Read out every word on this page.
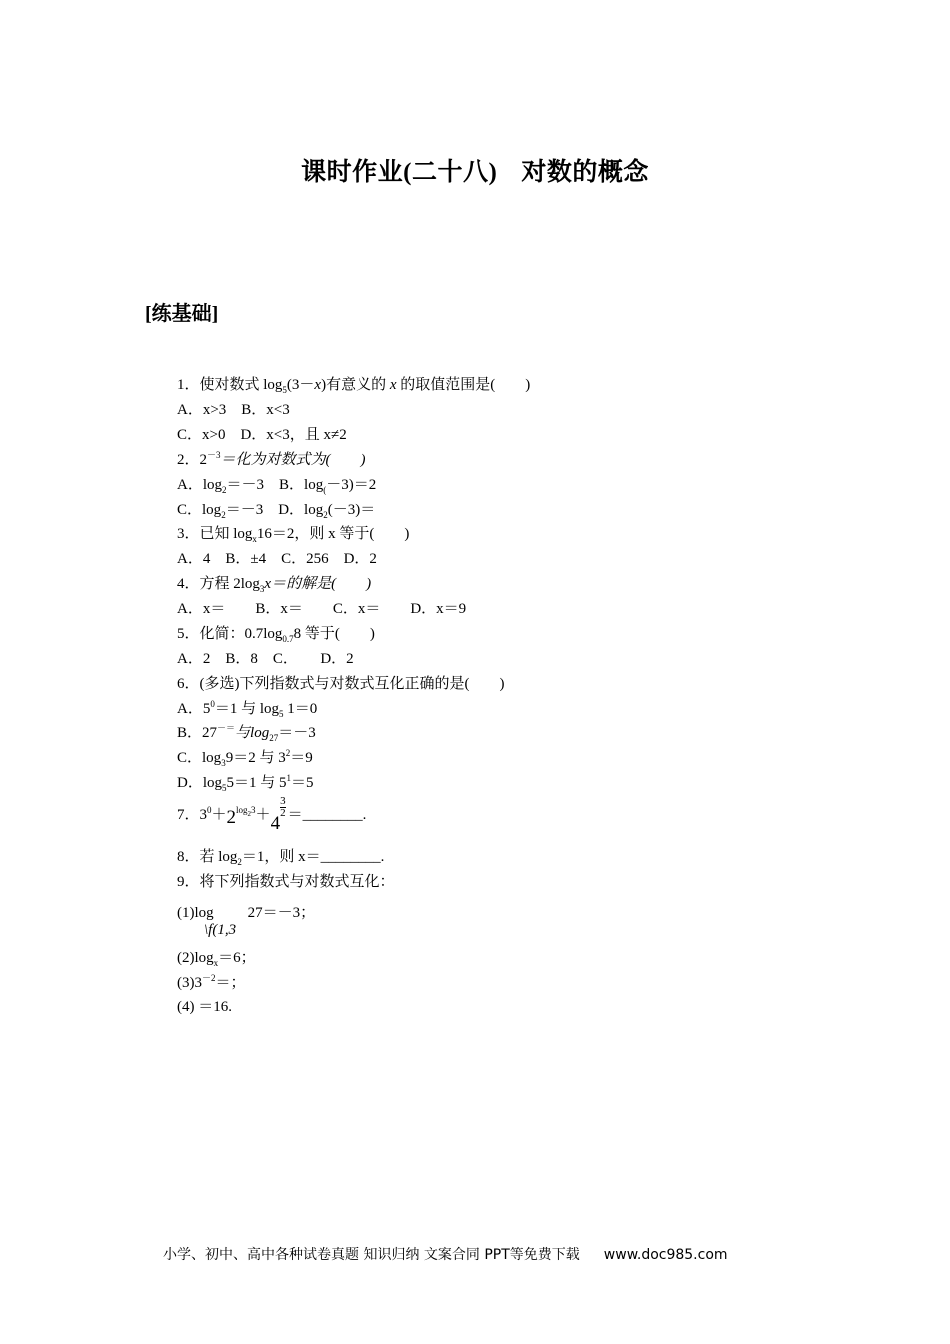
课时作业(二十八) 对数的概念
[练基础]
1．使对数式 $\log_5(3-x)$有意义的 x 的取值范围是(　　)
A．x>3　B．x<3
C．x>0　D．x<3，且 x≠2
2．$2^{-3}=$化为对数式为(　　)
A．$\log_2=-3$　B．$\log_(-3)=2$
C．$\log_2=-3$　D．$\log_2(-3)=$
3．已知 $\log_x16=2$，则 x 等于(　　)
A．4　B．±4　C．256　D．2
4．方程 $2\log_3x=$的解是(　　)
A．x＝　　B．x＝　　C．x＝　　D．x＝9
5．化简：$0.7\log_{0.7}8$ 等于(　　)
A．2　B．8　C．　　D．2
6．(多选)下列指数式与对数式互化正确的是(　　)
A．$5^0=1$ 与 $\log_5 1=0$
B．27－＝与$\log_{27}=-3$
C．$\log_39=2$ 与 $3^2=9$
D．$\log_55=1$ 与 $5^1=5$
7．$3^0+2^{log_23}+4$
$\frac{3}{2}$ ＝________.
8．若 $\log_2=1$，则 x＝________.
9．将下列指数式与对数式互化：
(1)log 27＝－3；
\f(1,3
$(2)\log_x=6$；
$(3)3^{-2}=$；
(4) ＝16.
小学、初中、高中各种试卷真题 知识归纳 文案合同 PPT等免费下载 www.doc985.com
